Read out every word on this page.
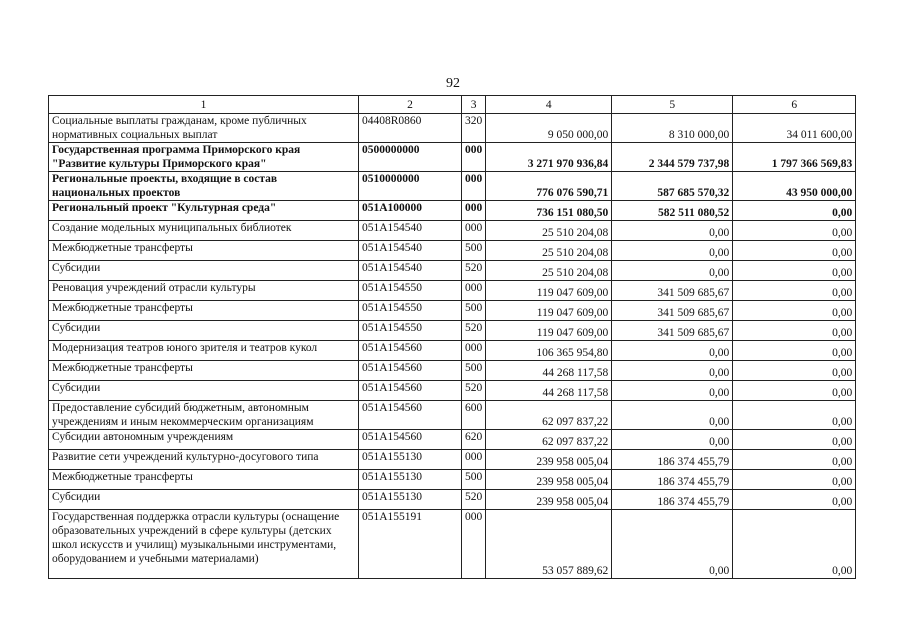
92
1	2	3	4	5	6
Социальные выплаты гражданам, кроме публичных нормативных социальных выплат	04408R0860	320	9 050 000,00	8 310 000,00	34 011 600,00
Государственная программа Приморского края "Развитие культуры Приморского края"	0500000000	000	3 271 970 936,84	2 344 579 737,98	1 797 366 569,83
Региональные проекты, входящие в состав национальных проектов	0510000000	000	776 076 590,71	587 685 570,32	43 950 000,00
Региональный проект "Культурная среда"	051A100000	000	736 151 080,50	582 511 080,52	0,00
Создание модельных муниципальных библиотек	051A154540	000	25 510 204,08	0,00	0,00
Межбюджетные трансферты	051A154540	500	25 510 204,08	0,00	0,00
Субсидии	051A154540	520	25 510 204,08	0,00	0,00
Реновация учреждений отрасли культуры	051A154550	000	119 047 609,00	341 509 685,67	0,00
Межбюджетные трансферты	051A154550	500	119 047 609,00	341 509 685,67	0,00
Субсидии	051A154550	520	119 047 609,00	341 509 685,67	0,00
Модернизация театров юного зрителя и театров кукол	051A154560	000	106 365 954,80	0,00	0,00
Межбюджетные трансферты	051A154560	500	44 268 117,58	0,00	0,00
Субсидии	051A154560	520	44 268 117,58	0,00	0,00
Предоставление субсидий бюджетным, автономным учреждениям и иным некоммерческим организациям	051A154560	600	62 097 837,22	0,00	0,00
Субсидии автономным учреждениям	051A154560	620	62 097 837,22	0,00	0,00
Развитие сети учреждений культурно-досугового типа	051A155130	000	239 958 005,04	186 374 455,79	0,00
Межбюджетные трансферты	051A155130	500	239 958 005,04	186 374 455,79	0,00
Субсидии	051A155130	520	239 958 005,04	186 374 455,79	0,00
Государственная поддержка отрасли культуры (оснащение образовательных учреждений в сфере культуры (детских школ искусств и училищ) музыкальными инструментами, оборудованием и учебными материалами)	051A155191	000	53 057 889,62	0,00	0,00
